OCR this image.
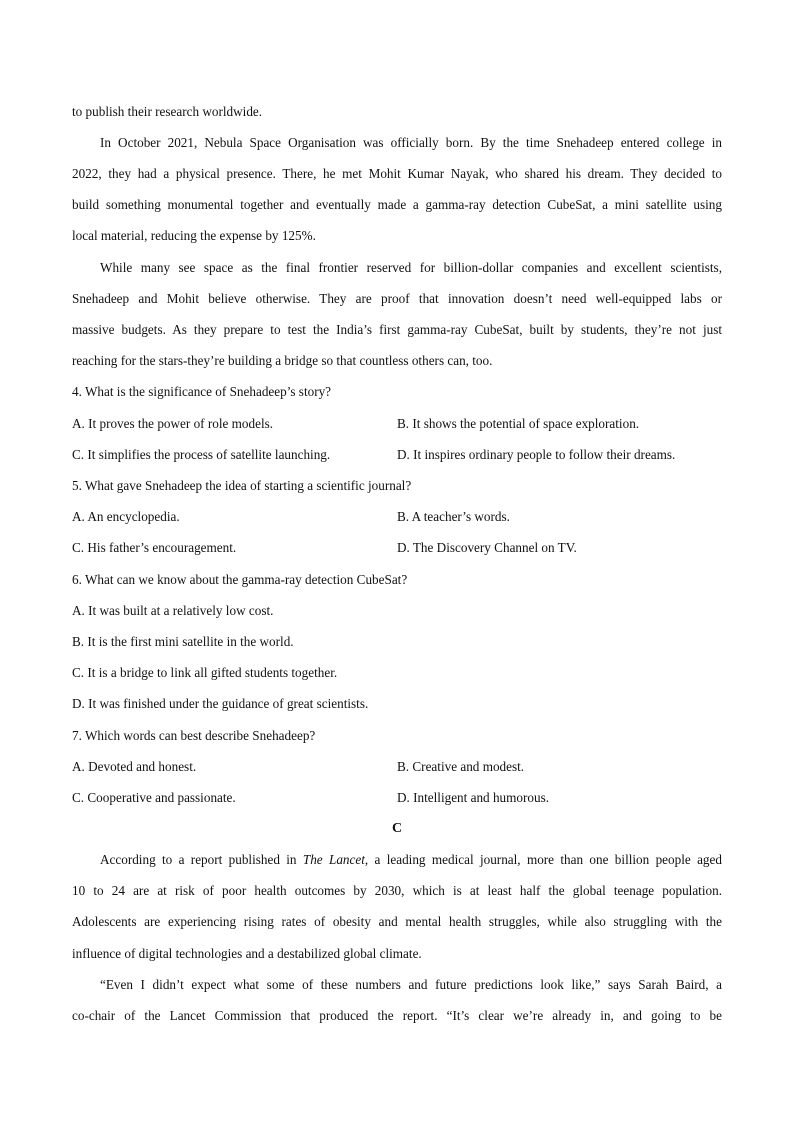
to publish their research worldwide.
In October 2021, Nebula Space Organisation was officially born. By the time Snehadeep entered college in
2022, they had a physical presence. There, he met Mohit Kumar Nayak, who shared his dream. They decided to
build something monumental together and eventually made a gamma-ray detection CubeSat, a mini satellite using
local material, reducing the expense by 125%.
While many see space as the final frontier reserved for billion-dollar companies and excellent scientists,
Snehadeep and Mohit believe otherwise. They are proof that innovation doesn’t need well-equipped labs or
massive budgets. As they prepare to test the India’s first gamma-ray CubeSat, built by students, they’re not just
reaching for the stars-they’re building a bridge so that countless others can, too.
4. What is the significance of Snehadeep’s story?
A. It proves the power of role models.	B. It shows the potential of space exploration.
C. It simplifies the process of satellite launching.	D. It inspires ordinary people to follow their dreams.
5. What gave Snehadeep the idea of starting a scientific journal?
A. An encyclopedia.	B. A teacher’s words.
C. His father’s encouragement.	D. The Discovery Channel on TV.
6. What can we know about the gamma-ray detection CubeSat?
A. It was built at a relatively low cost.
B. It is the first mini satellite in the world.
C. It is a bridge to link all gifted students together.
D. It was finished under the guidance of great scientists.
7. Which words can best describe Snehadeep?
A. Devoted and honest.	B. Creative and modest.
C. Cooperative and passionate.	D. Intelligent and humorous.
C
According to a report published in The Lancet, a leading medical journal, more than one billion people aged
10 to 24 are at risk of poor health outcomes by 2030, which is at least half the global teenage population.
Adolescents are experiencing rising rates of obesity and mental health struggles, while also struggling with the
influence of digital technologies and a destabilized global climate.
“Even I didn’t expect what some of these numbers and future predictions look like,” says Sarah Baird, a
co-chair of the Lancet Commission that produced the report. “It’s clear we’re already in, and going to be
